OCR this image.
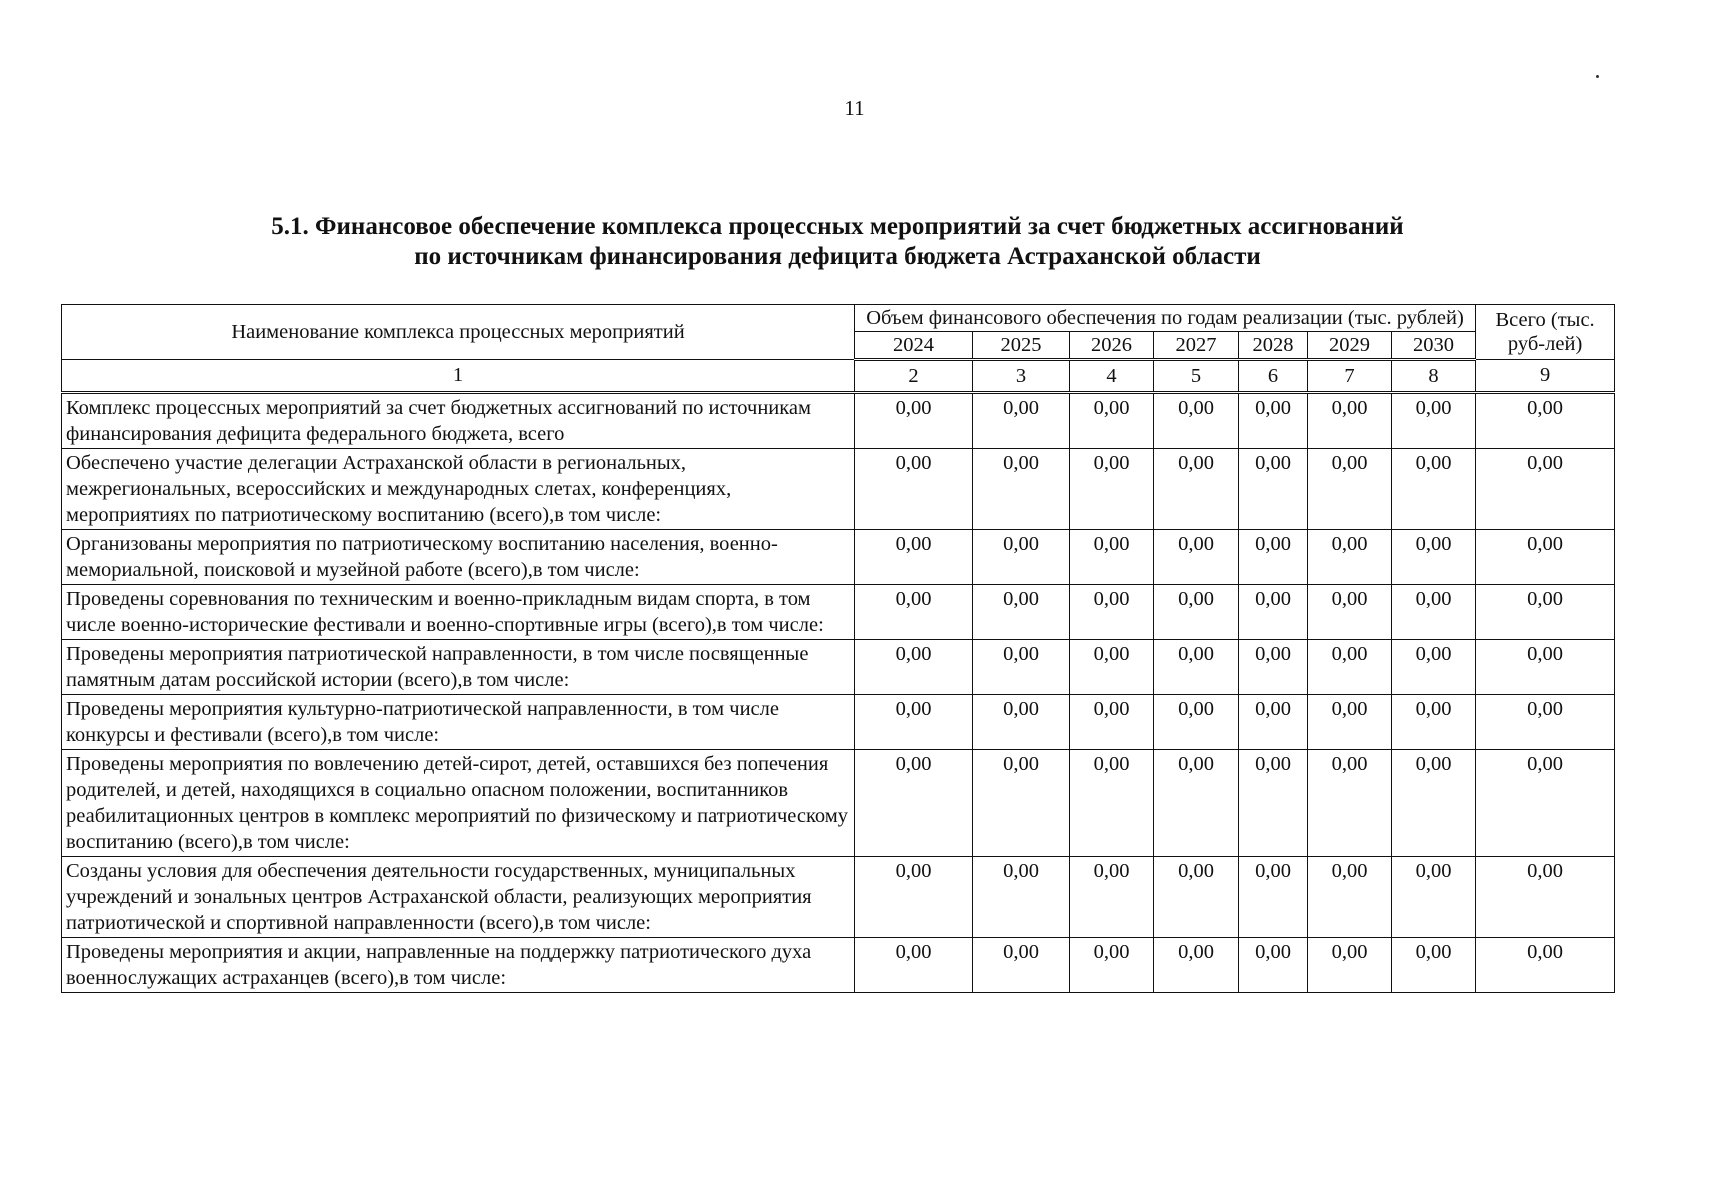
11
5.1. Финансовое обеспечение комплекса процессных мероприятий за счет бюджетных ассигнований
по источникам финансирования дефицита бюджета Астраханской области
Наименование комплекса процессных мероприятий	Объем финансового обеспечения по годам реализации (тыс. рублей)							Всего (тыс. руб-лей)
	2024	2025	2026	2027	2028	2029	2030	
1	2	3	4	5	6	7	8	9
Комплекс процессных мероприятий за счет бюджетных ассигнований по источникам финансирования дефицита федерального бюджета, всего	0,00	0,00	0,00	0,00	0,00	0,00	0,00	0,00
Обеспечено участие делегации Астраханской области в региональных, межрегиональных, всероссийских и международных слетах, конференциях, мероприятиях по патриотическому воспитанию (всего),в том числе:	0,00	0,00	0,00	0,00	0,00	0,00	0,00	0,00
Организованы мероприятия по патриотическому воспитанию населения, военно-мемориальной, поисковой и музейной работе (всего),в том числе:	0,00	0,00	0,00	0,00	0,00	0,00	0,00	0,00
Проведены соревнования по техническим и военно-прикладным видам спорта, в том числе военно-исторические фестивали и военно-спортивные игры (всего),в том числе:	0,00	0,00	0,00	0,00	0,00	0,00	0,00	0,00
Проведены мероприятия патриотической направленности, в том числе посвященные памятным датам российской истории (всего),в том числе:	0,00	0,00	0,00	0,00	0,00	0,00	0,00	0,00
Проведены мероприятия культурно-патриотической направленности, в том числе конкурсы и фестивали (всего),в том числе:	0,00	0,00	0,00	0,00	0,00	0,00	0,00	0,00
Проведены мероприятия по вовлечению детей-сирот, детей, оставшихся без попечения родителей, и детей, находящихся в социально опасном положении, воспитанников реабилитационных центров в комплекс мероприятий по физическому и патриотическому воспитанию (всего),в том числе:	0,00	0,00	0,00	0,00	0,00	0,00	0,00	0,00
Созданы условия для обеспечения деятельности государственных, муниципальных учреждений и зональных центров Астраханской области, реализующих мероприятия патриотической и спортивной направленности (всего),в том числе:	0,00	0,00	0,00	0,00	0,00	0,00	0,00	0,00
Проведены мероприятия и акции, направленные на поддержку патриотического духа военнослужащих астраханцев (всего),в том числе:	0,00	0,00	0,00	0,00	0,00	0,00	0,00	0,00
